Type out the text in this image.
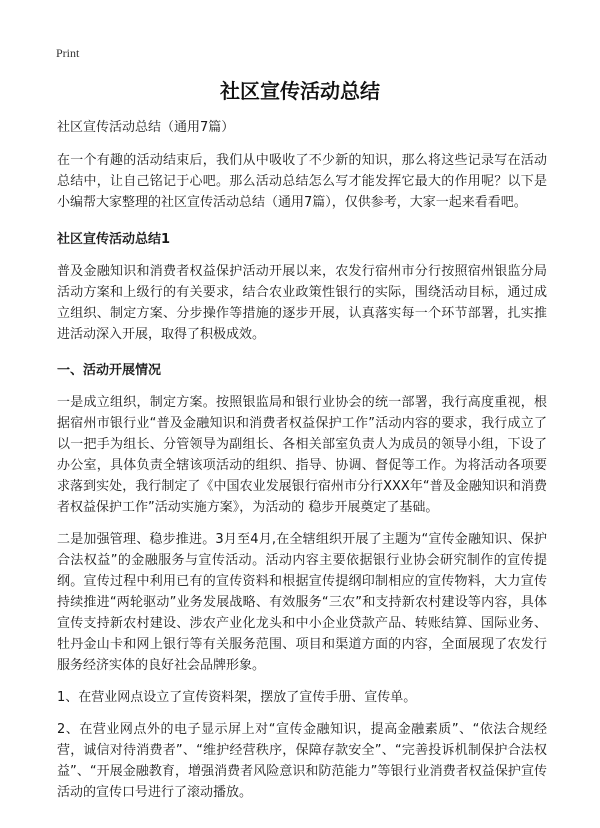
Print
社区宣传活动总结

社区宣传活动总结（通用7篇）

在一个有趣的活动结束后，我们从中吸收了不少新的知识，那么将这些记录写在活动总结中，让自己铭记于心吧。那么活动总结怎么写才能发挥它最大的作用呢？以下是小编帮大家整理的社区宣传活动总结（通用7篇），仅供参考，大家一起来看看吧。

社区宣传活动总结1

普及金融知识和消费者权益保护活动开展以来，农发行宿州市分行按照宿州银监分局活动方案和上级行的有关要求，结合农业政策性银行的实际，围绕活动目标，通过成立组织、制定方案、分步操作等措施的逐步开展，认真落实每一个环节部署，扎实推进活动深入开展，取得了积极成效。

一、活动开展情况

一是成立组织，制定方案。按照银监局和银行业协会的统一部署，我行高度重视，根据宿州市银行业“普及金融知识和消费者权益保护工作”活动内容的要求，我行成立了以一把手为组长、分管领导为副组长、各相关部室负责人为成员的领导小组，下设了办公室，具体负责全辖该项活动的组织、指导、协调、督促等工作。为将活动各项要求落到实处，我行制定了《中国农业发展银行宿州市分行XXX年“普及金融知识和消费者权益保护工作”活动实施方案》，为活动的 稳步开展奠定了基础。

二是加强管理、稳步推进。3月至4月,在全辖组织开展了主题为“宣传金融知识、保护合法权益”的金融服务与宣传活动。活动内容主要依据银行业协会研究制作的宣传提纲。宣传过程中利用已有的宣传资料和根据宣传提纲印制相应的宣传物料，大力宣传持续推进“两轮驱动”业务发展战略、有效服务“三农”和支持新农村建设等内容，具体宣传支持新农村建设、涉农产业化龙头和中小企业贷款产品、转账结算、国际业务、牡丹金山卡和网上银行等有关服务范围、项目和渠道方面的内容，全面展现了农发行服务经济实体的良好社会品牌形象。

1、在营业网点设立了宣传资料架，摆放了宣传手册、宣传单。

2、在营业网点外的电子显示屏上对“宣传金融知识，提高金融素质”、“依法合规经营，诚信对待消费者”、“维护经营秩序，保障存款安全”、“完善投诉机制保护合法权益”、“开展金融教育，增强消费者风险意识和防范能力”等银行业消费者权益保护宣传活动的宣传口号进行了滚动播放。
